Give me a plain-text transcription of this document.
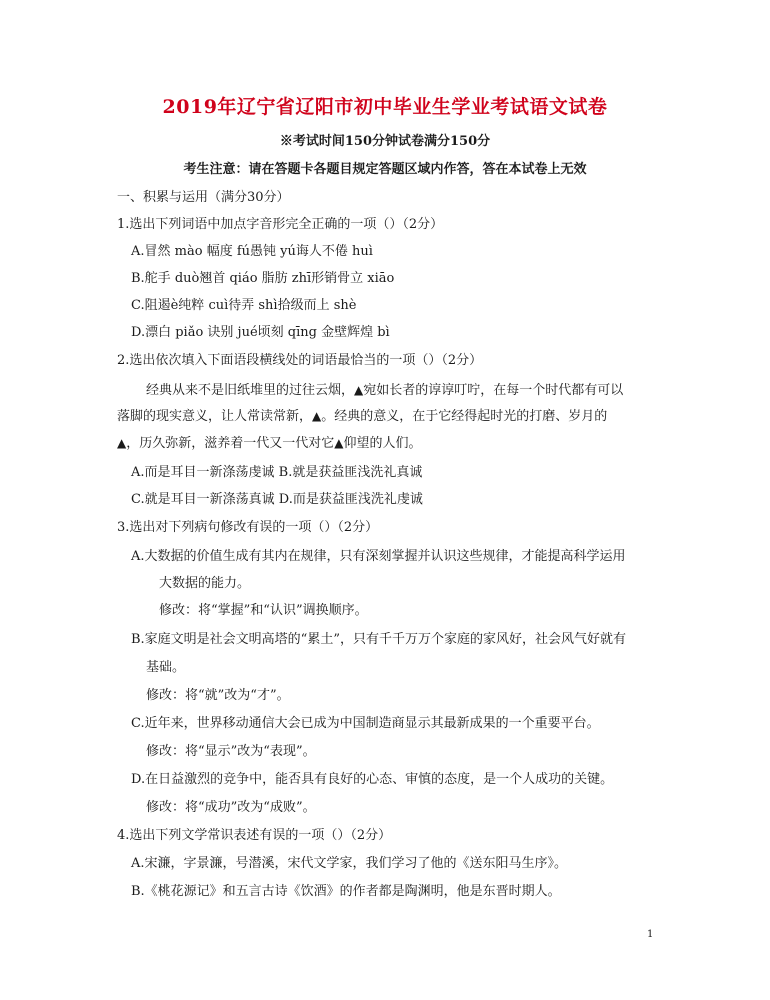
2019年辽宁省辽阳市初中毕业生学业考试语文试卷
※考试时间150分钟试卷满分150分
考生注意：请在答题卡各题目规定答题区域内作答，答在本试卷上无效
一、积累与运用（满分30分）
1.选出下列词语中加点字音形完全正确的一项（）（2分）
A.冒然 mào 幅度 fú愚钝 yú诲人不倦 huì
B.舵手 duò翘首 qiáo 脂肪 zhī形销骨立 xiāo
C.阻遏è纯粹 cuì待弄 shì拾级而上 shè
D.漂白 piǎo 诀别 jué顷刻 qīng 金壁辉煌 bì
2.选出依次填入下面语段横线处的词语最恰当的一项（）（2分）
经典从来不是旧纸堆里的过往云烟，▲宛如长者的谆谆叮咛，在每一个时代都有可以
落脚的现实意义，让人常读常新，▲。经典的意义，在于它经得起时光的打磨、岁月的
▲，历久弥新，滋养着一代又一代对它▲仰望的人们。
A.而是耳目一新涤荡虔诚 B.就是获益匪浅洗礼真诚
C.就是耳目一新涤荡真诚 D.而是获益匪浅洗礼虔诚
3.选出对下列病句修改有误的一项（）（2分）
A.大数据的价值生成有其内在规律，只有深刻掌握并认识这些规律，才能提高科学运用
大数据的能力。
修改：将“掌握”和“认识”调换顺序。
B.家庭文明是社会文明高塔的“累土”，只有千千万万个家庭的家风好，社会风气好就有
基础。
修改：将“就”改为“才”。
C.近年来，世界移动通信大会已成为中国制造商显示其最新成果的一个重要平台。
修改：将“显示”改为“表现”。
D.在日益激烈的竞争中，能否具有良好的心态、审慎的态度，是一个人成功的关键。
修改：将“成功”改为“成败”。
4.选出下列文学常识表述有误的一项（）（2分）
A.宋濂，字景濂，号潜溪，宋代文学家，我们学习了他的《送东阳马生序》。
B.《桃花源记》和五言古诗《饮酒》的作者都是陶渊明，他是东晋时期人。
1
